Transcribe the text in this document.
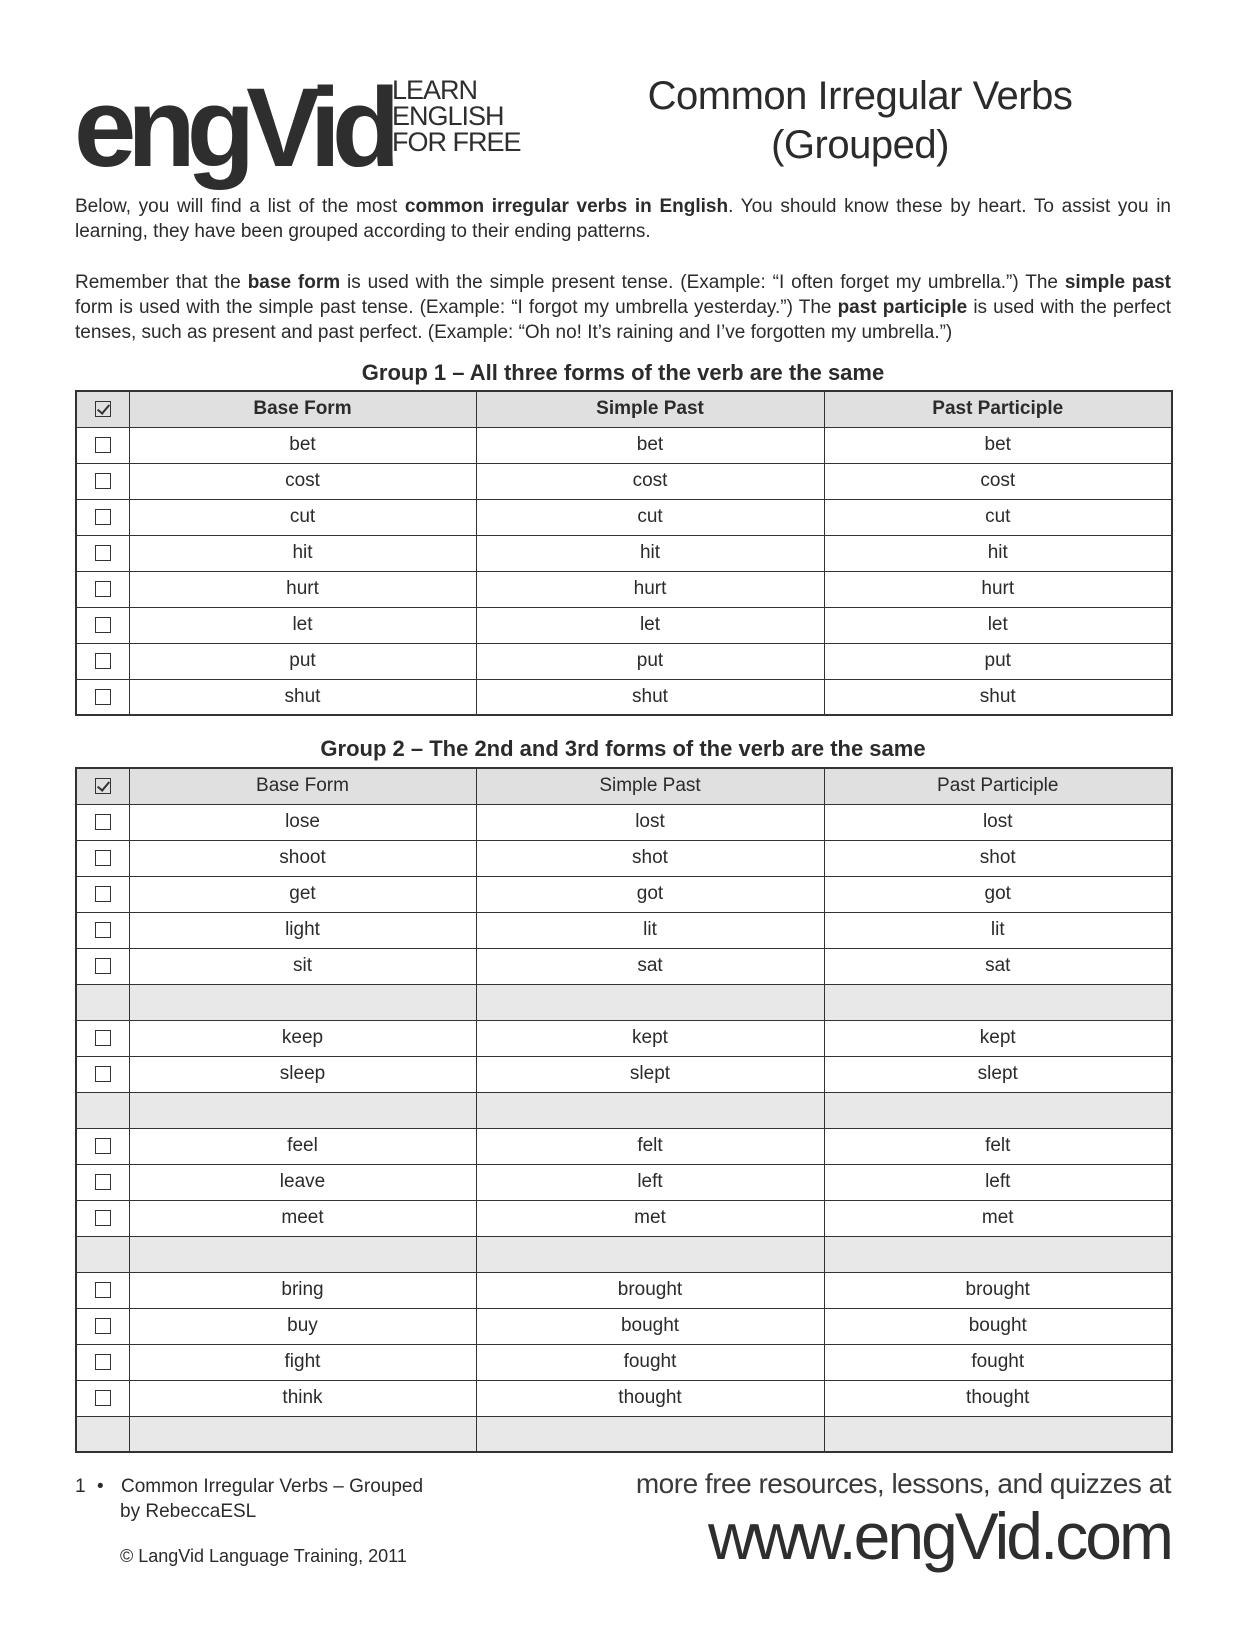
engVid LEARN
ENGLISH
FOR FREE
Common Irregular Verbs
(Grouped)

Below, you will find a list of the most common irregular verbs in English. You should know these by heart. To assist you in learning, they have been grouped according to their ending patterns.

Remember that the base form is used with the simple present tense. (Example: “I often forget my umbrella.”) The simple past form is used with the simple past tense. (Example: “I forgot my umbrella yesterday.”) The past participle is used with the perfect tenses, such as present and past perfect. (Example: “Oh no! It’s raining and I’ve forgotten my umbrella.”)

Group 1 – All three forms of the verb are the same
	Base Form	Simple Past	Past Participle
	bet	bet	bet
	cost	cost	cost
	cut	cut	cut
	hit	hit	hit
	hurt	hurt	hurt
	let	let	let
	put	put	put
	shut	shut	shut
Group 2 – The 2nd and 3rd forms of the verb are the same
	Base Form	Simple Past	Past Participle
	lose	lost	lost
	shoot	shot	shot
	get	got	got
	light	lit	lit
	sit	sat	sat

	keep	kept	kept
	sleep	slept	slept

	feel	felt	felt
	leave	left	left
	meet	met	met

	bring	brought	brought
	buy	bought	bought
	fight	fought	fought
	think	thought	thought

1 • Common Irregular Verbs – Grouped
by RebeccaESL
© LangVid Language Training, 2011
more free resources, lessons, and quizzes at
www.engVid.com
